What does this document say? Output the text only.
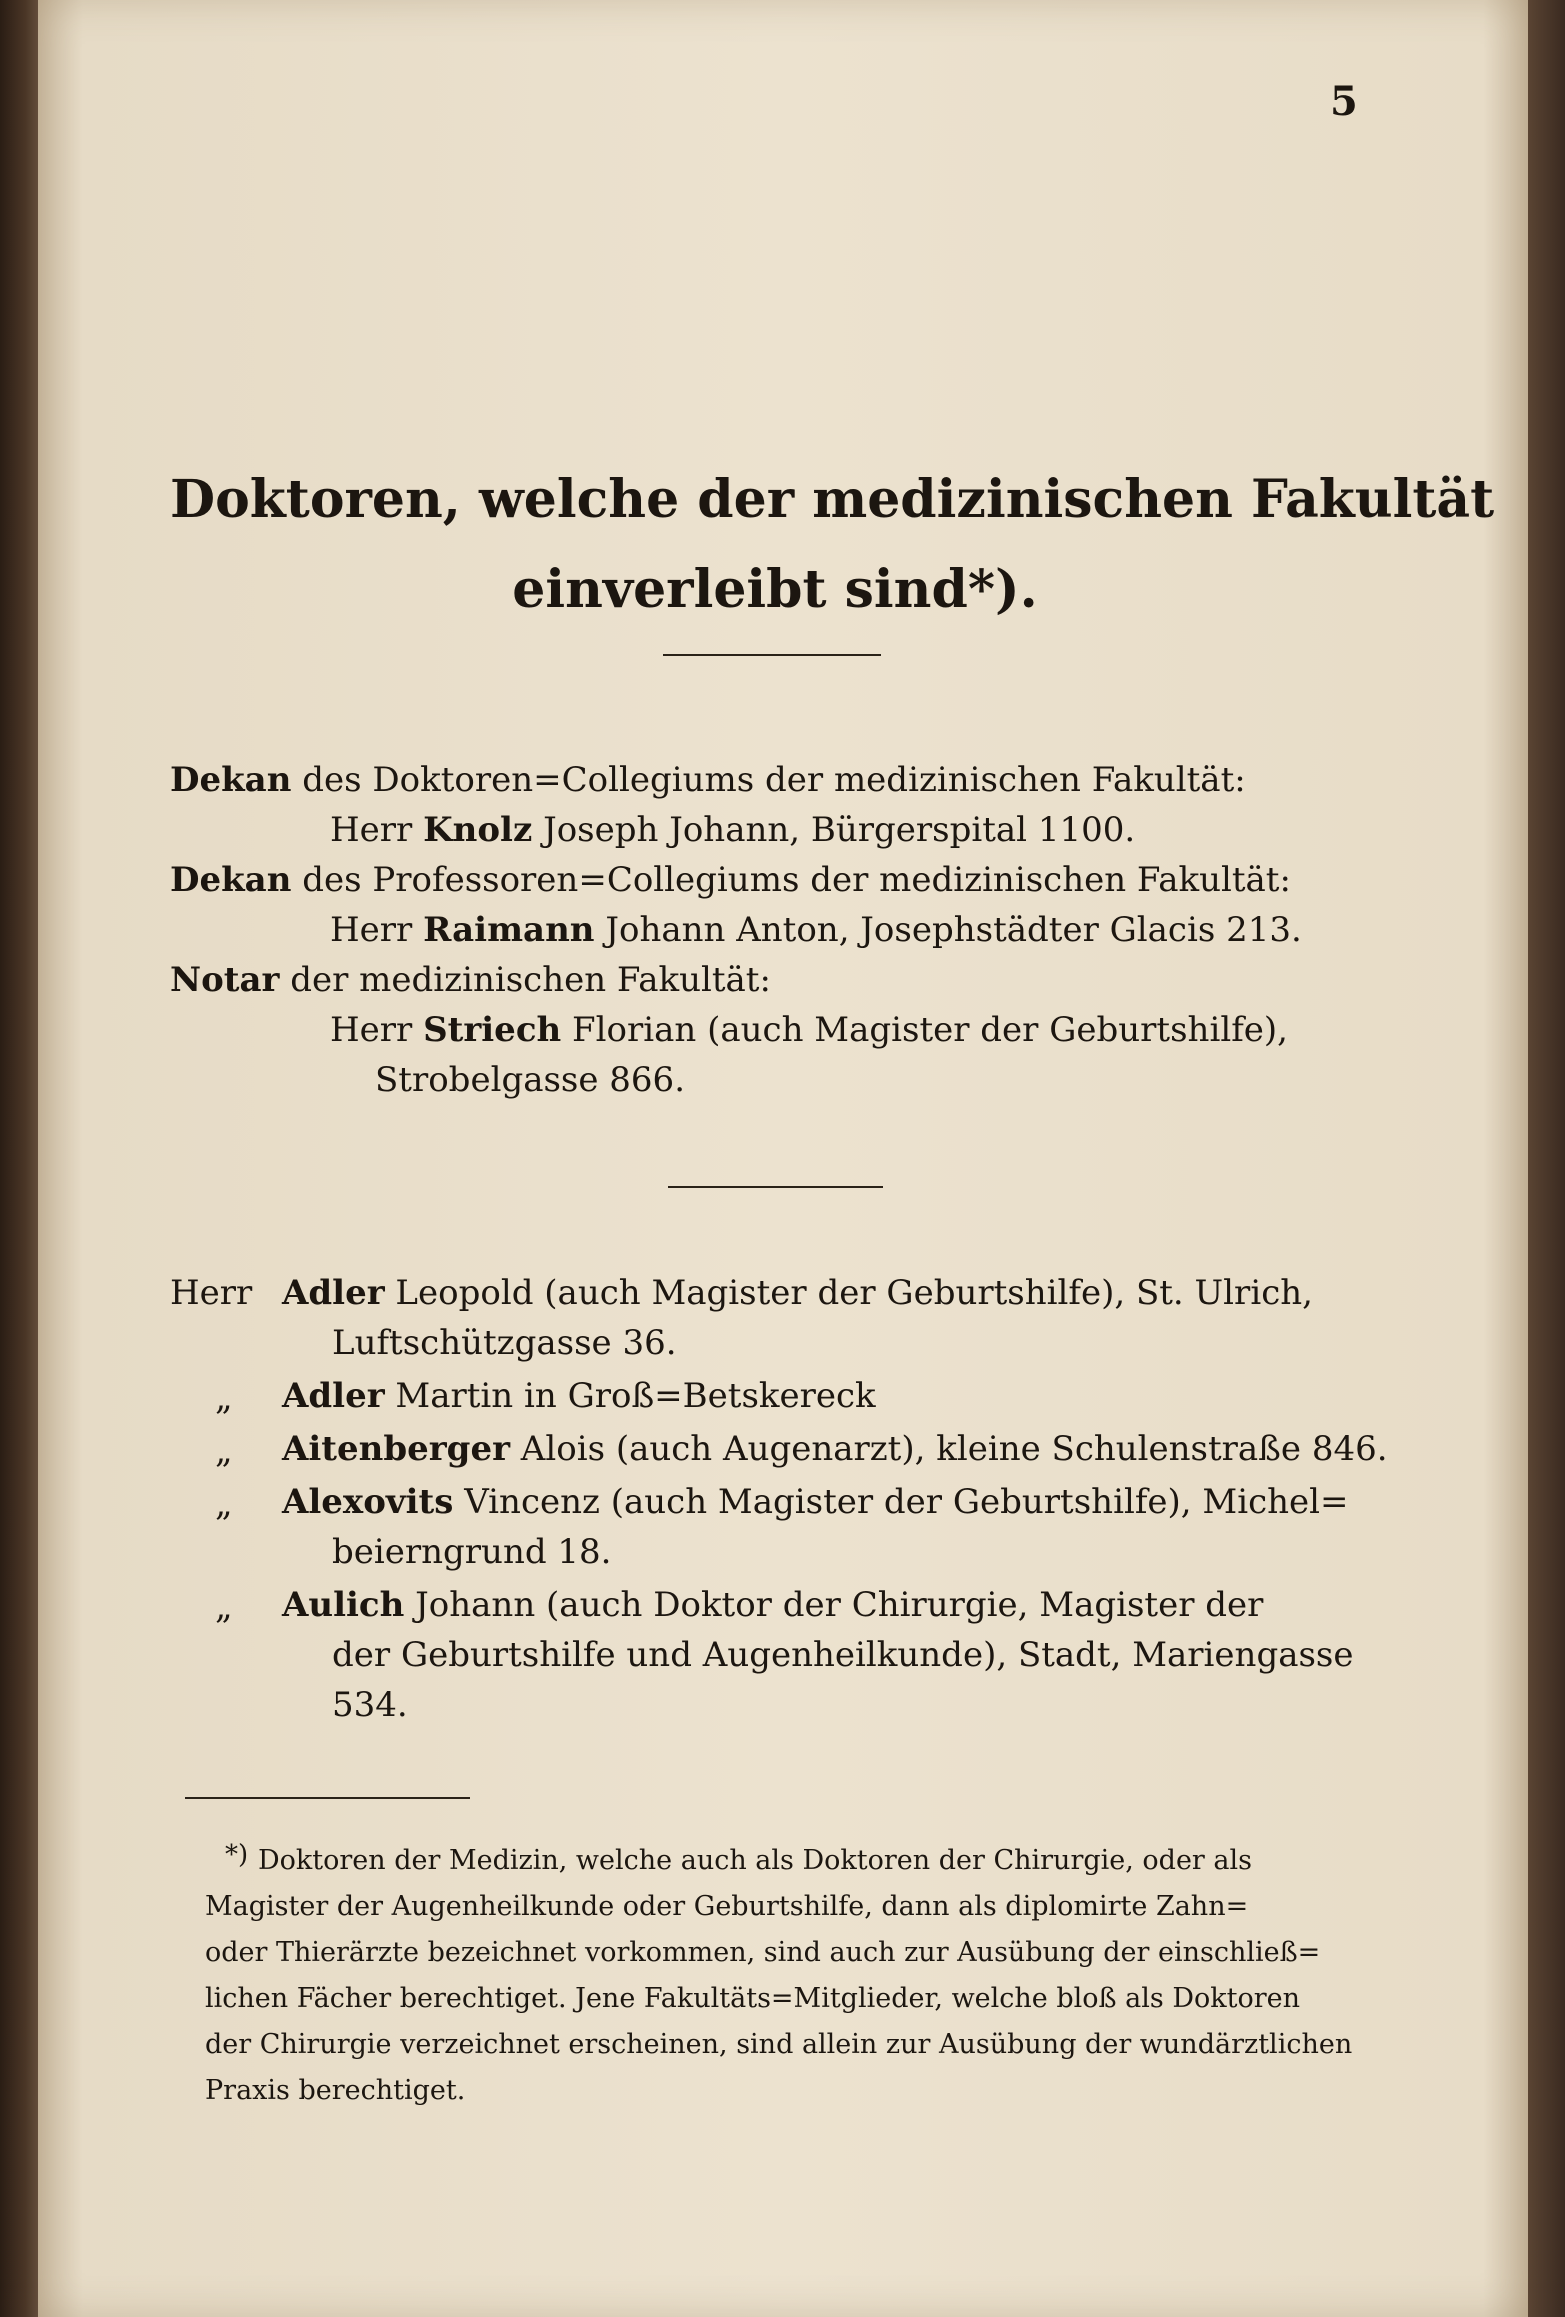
5
Doktoren, welche der medizinischen Fakultät
einverleibt sind*).
Dekan des Doktoren=Collegiums der medizinischen Fakultät:
Herr Knolz Joseph Johann, Bürgerspital 1100.
Dekan des Professoren=Collegiums der medizinischen Fakultät:
Herr Raimann Johann Anton, Josephstädter Glacis 213.
Notar der medizinischen Fakultät:
Herr Striech Florian (auch Magister der Geburtshilfe),
Strobelgasse 866.
Herr Adler Leopold (auch Magister der Geburtshilfe), St. Ulrich,
Luftschützgasse 36.
„ Adler Martin in Groß=Betskereck
„ Aitenberger Alois (auch Augenarzt), kleine Schulenstraße 846.
„ Alexovits Vincenz (auch Magister der Geburtshilfe), Michel=
beierngrund 18.
„ Aulich Johann (auch Doktor der Chirurgie, Magister der
der Geburtshilfe und Augenheilkunde), Stadt, Mariengasse
534.
*) Doktoren der Medizin, welche auch als Doktoren der Chirurgie, oder als
Magister der Augenheilkunde oder Geburtshilfe, dann als diplomirte Zahn=
oder Thierärzte bezeichnet vorkommen, sind auch zur Ausübung der einschließ=
lichen Fächer berechtiget. Jene Fakultäts=Mitglieder, welche bloß als Doktoren
der Chirurgie verzeichnet erscheinen, sind allein zur Ausübung der wundärztlichen
Praxis berechtiget.
